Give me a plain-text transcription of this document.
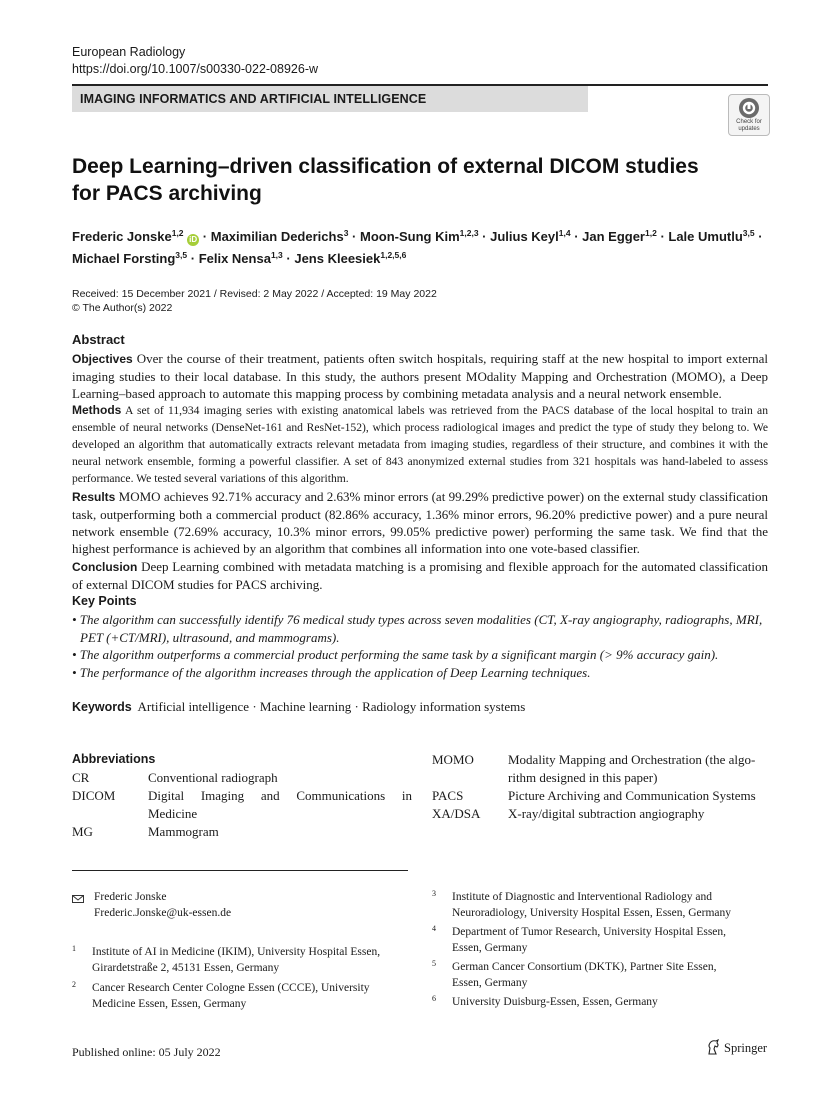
European Radiology
https://doi.org/10.1007/s00330-022-08926-w
IMAGING INFORMATICS AND ARTIFICIAL INTELLIGENCE
Check for
updates
Deep Learning–driven classification of external DICOM studies
for PACS archiving
Frederic Jonske$^{1,2}$ iD · Maximilian Dederichs$^3$ · Moon-Sung Kim$^{1,2,3}$ · Julius Keyl$^{1,4}$ · Jan Egger$^{1,2}$ · Lale Umutlu$^{3,5}$ ·
Michael Forsting$^{3,5}$ · Felix Nensa$^{1,3}$ · Jens Kleesiek$^{1,2,5,6}$
Received: 15 December 2021 / Revised: 2 May 2022 / Accepted: 19 May 2022
© The Author(s) 2022
Abstract
Objectives Over the course of their treatment, patients often switch hospitals, requiring staff at the new hospital to import external imaging studies to their local database. In this study, the authors present MOdality Mapping and Orchestration (MOMO), a Deep Learning–based approach to automate this mapping process by combining metadata analysis and a neural network ensemble.
Methods A set of 11,934 imaging series with existing anatomical labels was retrieved from the PACS database of the local hospital to train an ensemble of neural networks (DenseNet-161 and ResNet-152), which process radiological images and predict the type of study they belong to. We developed an algorithm that automatically extracts relevant metadata from imaging studies, regardless of their structure, and combines it with the neural network ensemble, forming a powerful classifier. A set of 843 anonymized external studies from 321 hospitals was hand-labeled to assess performance. We tested several variations of this algorithm.
Results MOMO achieves 92.71% accuracy and 2.63% minor errors (at 99.29% predictive power) on the external study classification task, outperforming both a commercial product (82.86% accuracy, 1.36% minor errors, 96.20% predictive power) and a pure neural network ensemble (72.69% accuracy, 10.3% minor errors, 99.05% predictive power) performing the same task. We find that the highest performance is achieved by an algorithm that combines all information into one vote-based classifier.
Conclusion Deep Learning combined with metadata matching is a promising and flexible approach for the automated classification of external DICOM studies for PACS archiving.
Key Points
• The algorithm can successfully identify 76 medical study types across seven modalities (CT, X-ray angiography, radiographs, MRI, PET (+CT/MRI), ultrasound, and mammograms).
• The algorithm outperforms a commercial product performing the same task by a significant margin (> 9% accuracy gain).
• The performance of the algorithm increases through the application of Deep Learning techniques.
Keywords Artificial intelligence · Machine learning · Radiology information systems
Abbreviations
CR	Conventional radiograph
DICOM	Digital Imaging and Communications in
Medicine
MG	Mammogram
MOMO	Modality Mapping and Orchestration (the algo-
rithm designed in this paper)
PACS	Picture Archiving and Communication Systems
XA/DSA	X-ray/digital subtraction angiography
Frederic Jonske
Frederic.Jonske@uk-essen.de
1 Institute of AI in Medicine (IKIM), University Hospital Essen,
Girardetstraße 2, 45131 Essen, Germany
2 Cancer Research Center Cologne Essen (CCCE), University
Medicine Essen, Essen, Germany
3 Institute of Diagnostic and Interventional Radiology and
Neuroradiology, University Hospital Essen, Essen, Germany
4 Department of Tumor Research, University Hospital Essen,
Essen, Germany
5 German Cancer Consortium (DKTK), Partner Site Essen,
Essen, Germany
6 University Duisburg-Essen, Essen, Germany
Published online: 05 July 2022	Springer
